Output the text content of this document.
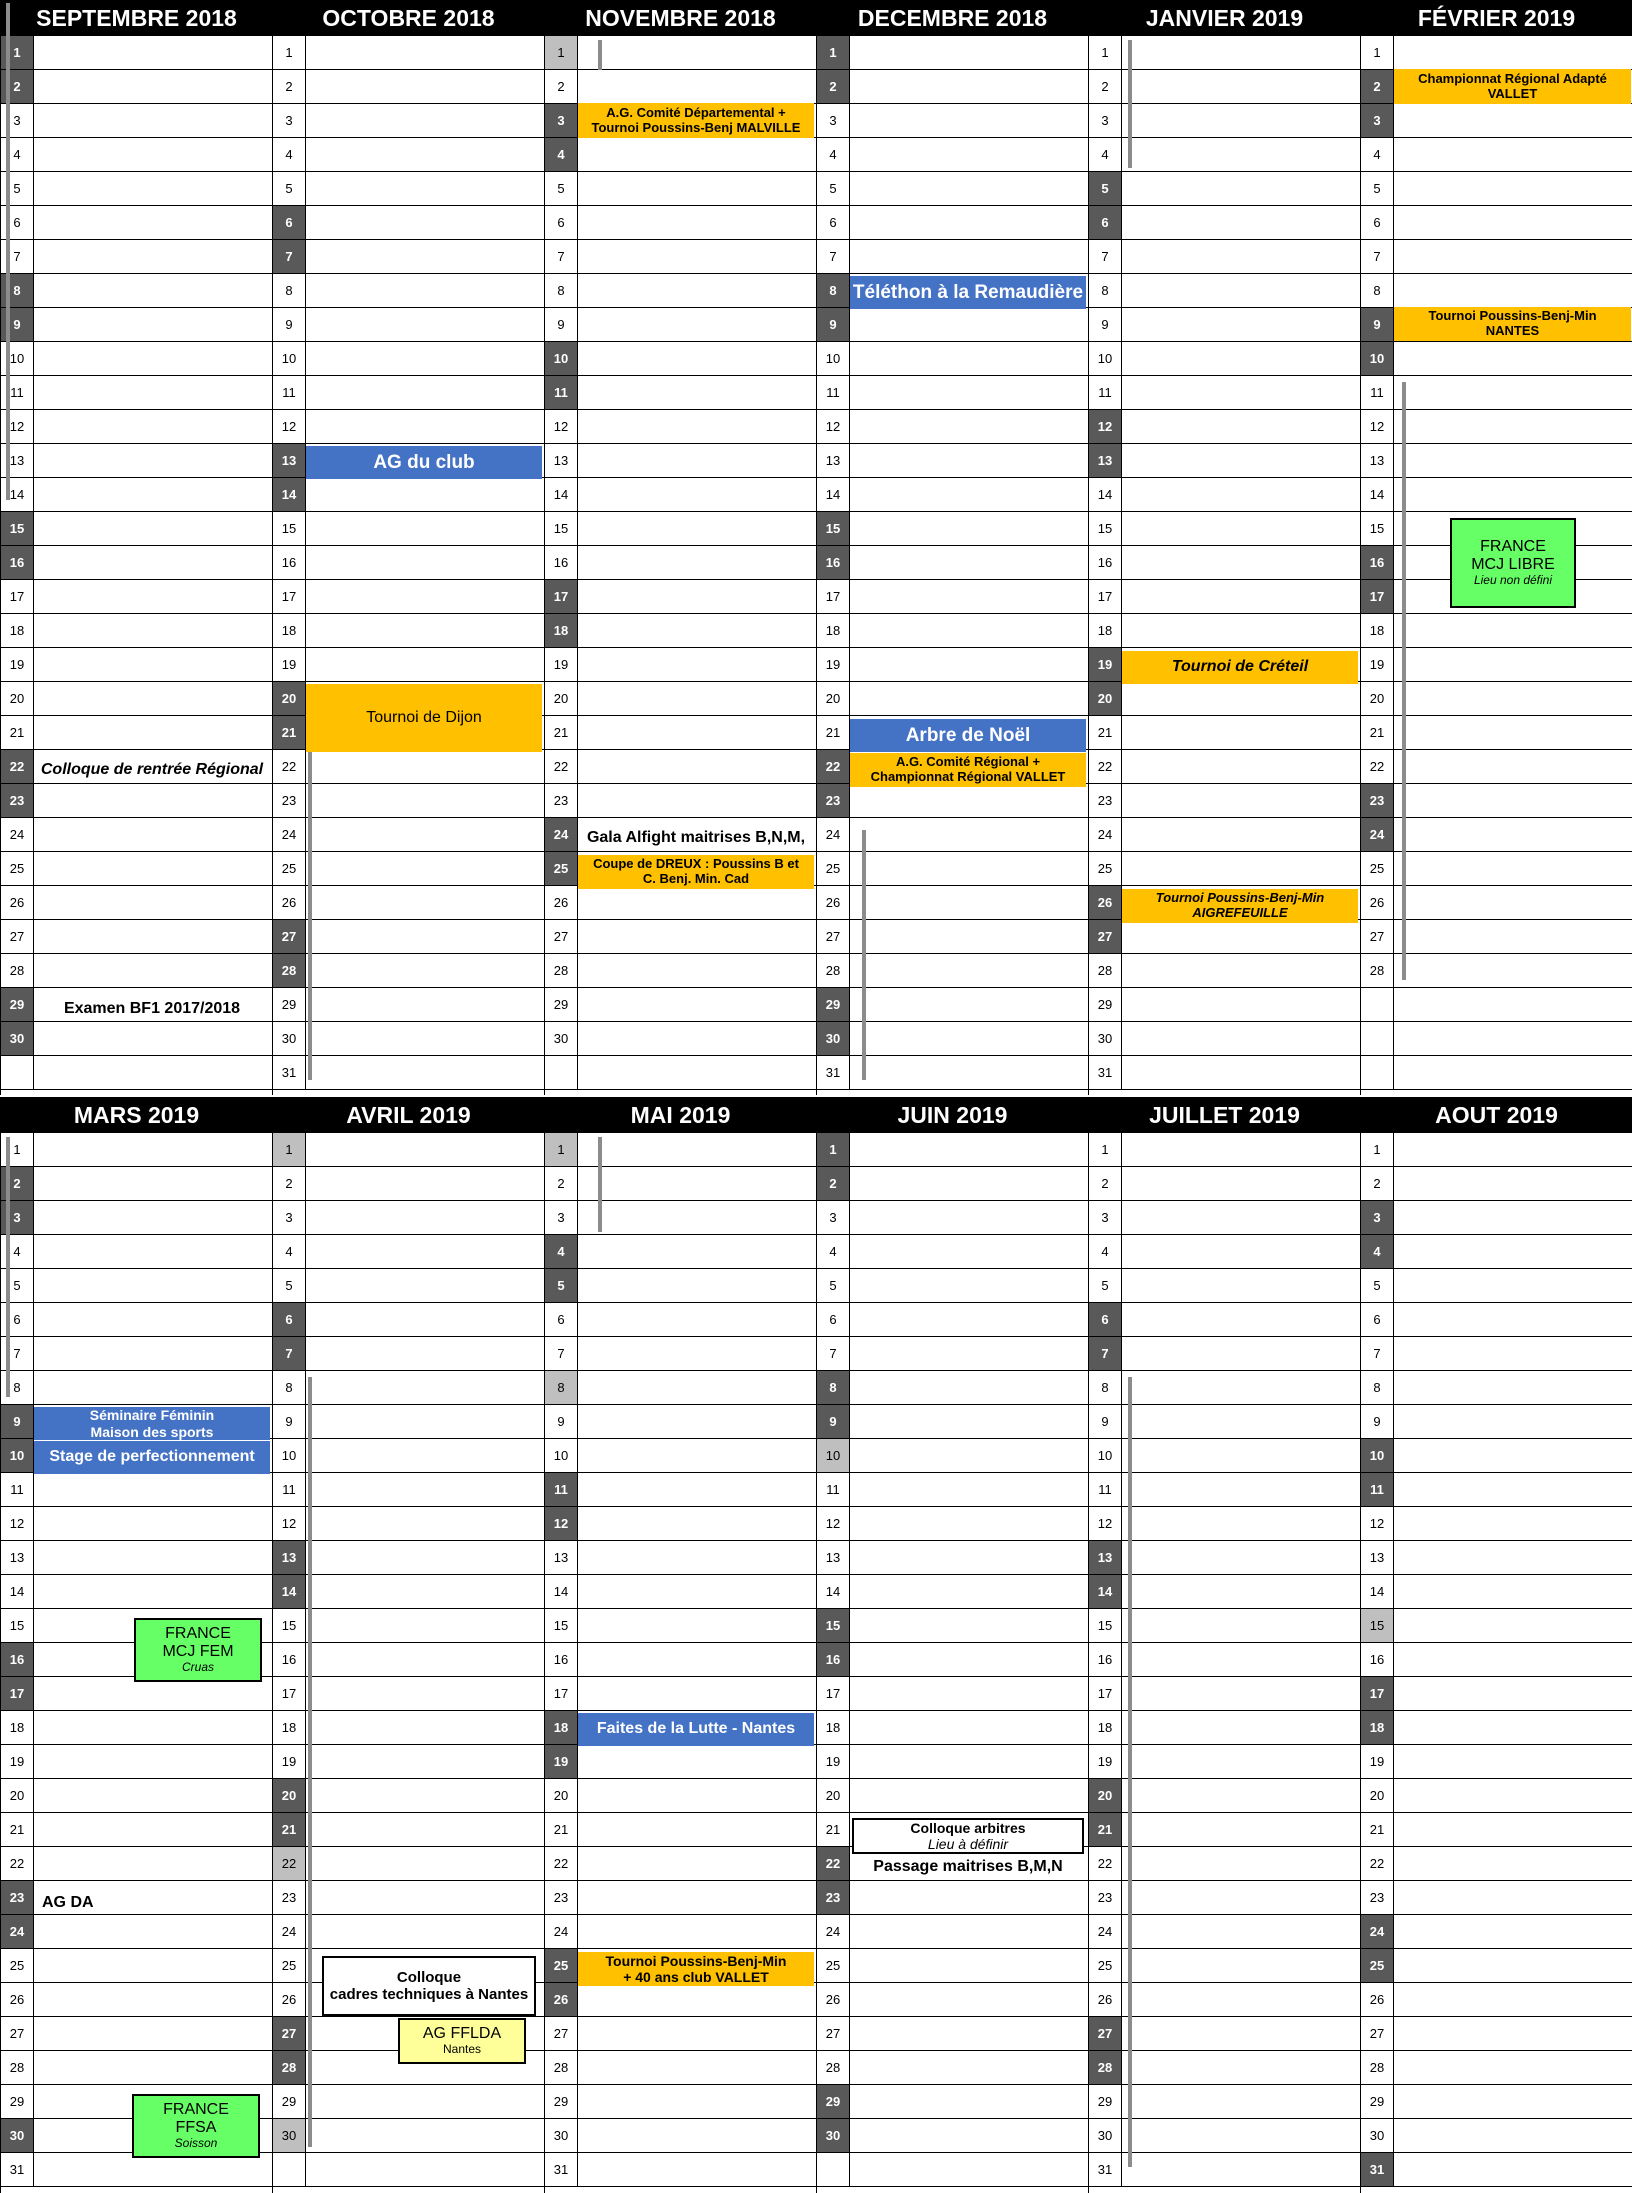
SEPTEMBRE 2018
1
2
3
4
5
6
7
8
9
10
11
12
13
14
15
16
17
18
19
20
21
22
23
24
25
26
27
28
29
30
OCTOBRE 2018
1
2
3
4
5
6
7
8
9
10
11
12
13
14
15
16
17
18
19
20
21
22
23
24
25
26
27
28
29
30
31
NOVEMBRE 2018
1
2
3
4
5
6
7
8
9
10
11
12
13
14
15
16
17
18
19
20
21
22
23
24
25
26
27
28
29
30
DECEMBRE 2018
1
2
3
4
5
6
7
8
9
10
11
12
13
14
15
16
17
18
19
20
21
22
23
24
25
26
27
28
29
30
31
JANVIER 2019
1
2
3
4
5
6
7
8
9
10
11
12
13
14
15
16
17
18
19
20
21
22
23
24
25
26
27
28
29
30
31
FÉVRIER 2019
1
2
3
4
5
6
7
8
9
10
11
12
13
14
15
16
17
18
19
20
21
22
23
24
25
26
27
28
MARS 2019
1
2
3
4
5
6
7
8
9
10
11
12
13
14
15
16
17
18
19
20
21
22
23
24
25
26
27
28
29
30
31
AVRIL 2019
1
2
3
4
5
6
7
8
9
10
11
12
13
14
15
16
17
18
19
20
21
22
23
24
25
26
27
28
29
30
MAI 2019
1
2
3
4
5
6
7
8
9
10
11
12
13
14
15
16
17
18
19
20
21
22
23
24
25
26
27
28
29
30
31
JUIN 2019
1
2
3
4
5
6
7
8
9
10
11
12
13
14
15
16
17
18
19
20
21
22
23
24
25
26
27
28
29
30
JUILLET 2019
1
2
3
4
5
6
7
8
9
10
11
12
13
14
15
16
17
18
19
20
21
22
23
24
25
26
27
28
29
30
31
AOUT 2019
1
2
3
4
5
6
7
8
9
10
11
12
13
14
15
16
17
18
19
20
21
22
23
24
25
26
27
28
29
30
31
Colloque de rentrée Régional
Examen BF1 2017/2018
AG du club
Tournoi de Dijon
A.G. Comité Départemental +
Tournoi Poussins-Benj MALVILLE
Gala Alfight maitrises B,N,M,
Coupe de DREUX : Poussins B et
C. Benj. Min. Cad
Téléthon à la Remaudière
Arbre de Noël
A.G. Comité Régional +
Championnat Régional VALLET
Tournoi de Créteil
Tournoi Poussins-Benj-Min
AIGREFEUILLE
Championnat Régional Adapté
VALLET
Tournoi Poussins-Benj-Min
NANTES
FRANCE
MCJ LIBRE
Lieu non défini
Séminaire Féminin
Maison des sports
Stage de perfectionnement
FRANCE
MCJ FEM
Cruas
AG DA
FRANCE
FFSA
Soisson
Colloque
cadres techniques à Nantes
AG FFLDA
Nantes
Faites de la Lutte - Nantes
Tournoi Poussins-Benj-Min
+ 40 ans club VALLET
Colloque arbitres
Lieu à définir
Passage maitrises B,M,N
